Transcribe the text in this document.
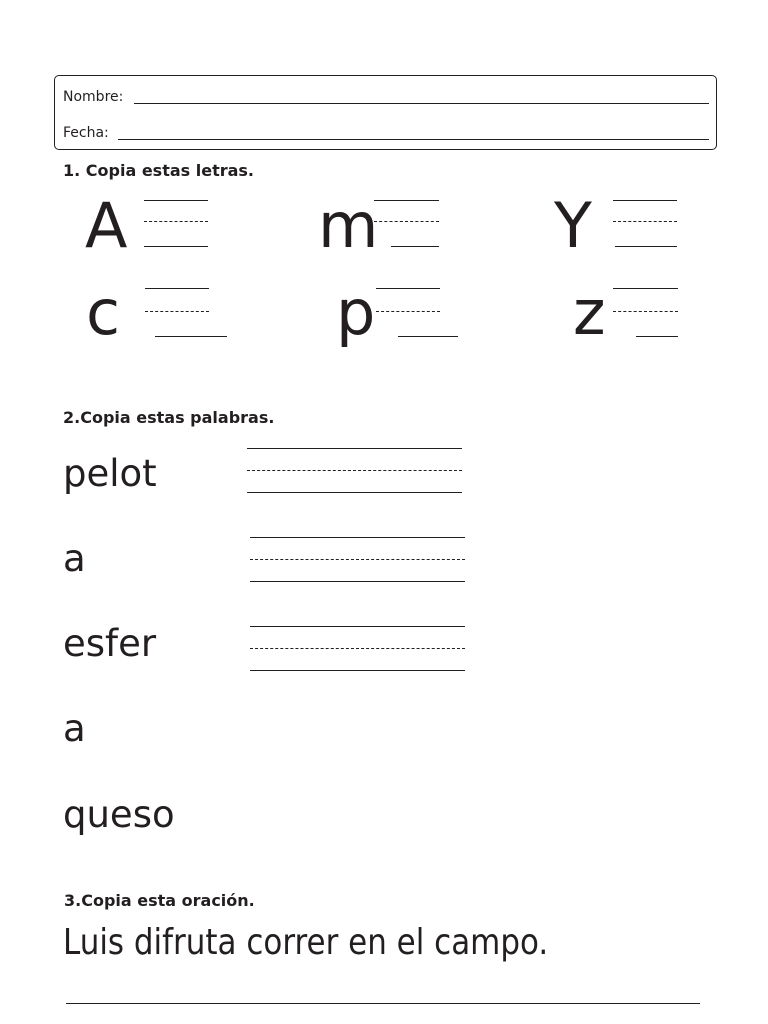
Nombre:
Fecha:
1. Copia estas letras.
A	m	Y
c	p	z
2.Copia estas palabras.
pelot
a
esfer
a
queso
3.Copia esta oración.
Luis difruta correr en el campo.
